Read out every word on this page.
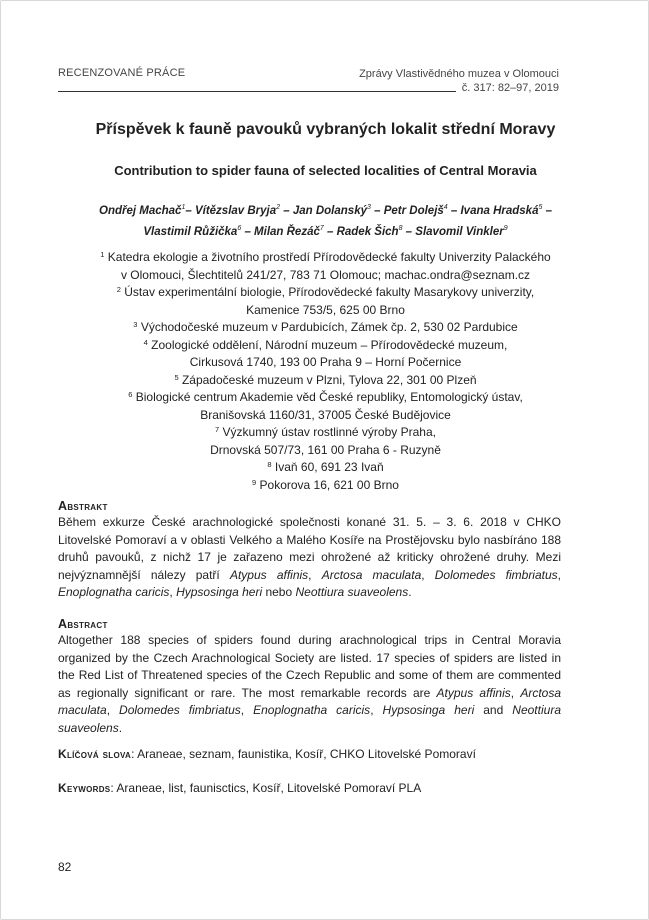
RECENZOVANÉ PRÁCE	Zprávy Vlastivědného muzea v Olomouci
č. 317: 82–97, 2019
Příspěvek k fauně pavouků vybraných lokalit střední Moravy
Contribution to spider fauna of selected localities of Central Moravia
Ondřej Machač$^1$– Vítězslav Bryja$^2$ – Jan Dolanský$^3$ – Petr Dolejš$^4$ – Ivana Hradská$^5$ –
Vlastimil Růžička$^6$ – Milan Řezáč$^7$ – Radek Šich$^8$ – Slavomil Vinkler$^9$
$^1$ Katedra ekologie a životního prostředí Přírodovědecké fakulty Univerzity Palackého
v Olomouci, Šlechtitelů 241/27, 783 71 Olomouc; machac.ondra@seznam.cz
$^2$ Ústav experimentální biologie, Přírodovědecké fakulty Masarykovy univerzity,
Kamenice 753/5, 625 00 Brno
$^3$ Východočeské muzeum v Pardubicích, Zámek čp. 2, 530 02 Pardubice
$^4$ Zoologické oddělení, Národní muzeum – Přírodovědecké muzeum,
Cirkusová 1740, 193 00 Praha 9 – Horní Počernice
$^5$ Západočeské muzeum v Plzni, Tylova 22, 301 00 Plzeň
$^6$ Biologické centrum Akademie věd České republiky, Entomologický ústav,
Branišovská 1160/31, 37005 České Budějovice
$^7$ Výzkumný ústav rostlinné výroby Praha,
Drnovská 507/73, 161 00 Praha 6 - Ruzyně
$^8$ Ivaň 60, 691 23 Ivaň
$^9$ Pokorova 16, 621 00 Brno
Abstrakt
Během exkurze České arachnologické společnosti konané 31. 5. – 3. 6. 2018 v CHKO Litovelské Pomoraví a v oblasti Velkého a Malého Kosíře na Prostějovsku bylo nasbíráno 188 druhů pavouků, z nichž 17 je zařazeno mezi ohrožené až kriticky ohrožené druhy. Mezi nejvýznamnější nálezy patří Atypus affinis, Arctosa maculata, Dolomedes fimbriatus, Enoplognatha caricis, Hypsosinga heri nebo Neottiura suaveolens.
Abstract
Altogether 188 species of spiders found during arachnological trips in Central Moravia organized by the Czech Arachnological Society are listed. 17 species of spiders are listed in the Red List of Threatened species of the Czech Republic and some of them are commented as regionally significant or rare. The most remarkable records are Atypus affinis, Arctosa maculata, Dolomedes fimbriatus, Enoplognatha caricis, Hypsosinga heri and Neottiura suaveolens.
Klíčová slova: Araneae, seznam, faunistika, Kosíř, CHKO Litovelské Pomoraví
Keywords: Araneae, list, faunisctics, Kosíř, Litovelské Pomoraví PLA
82
